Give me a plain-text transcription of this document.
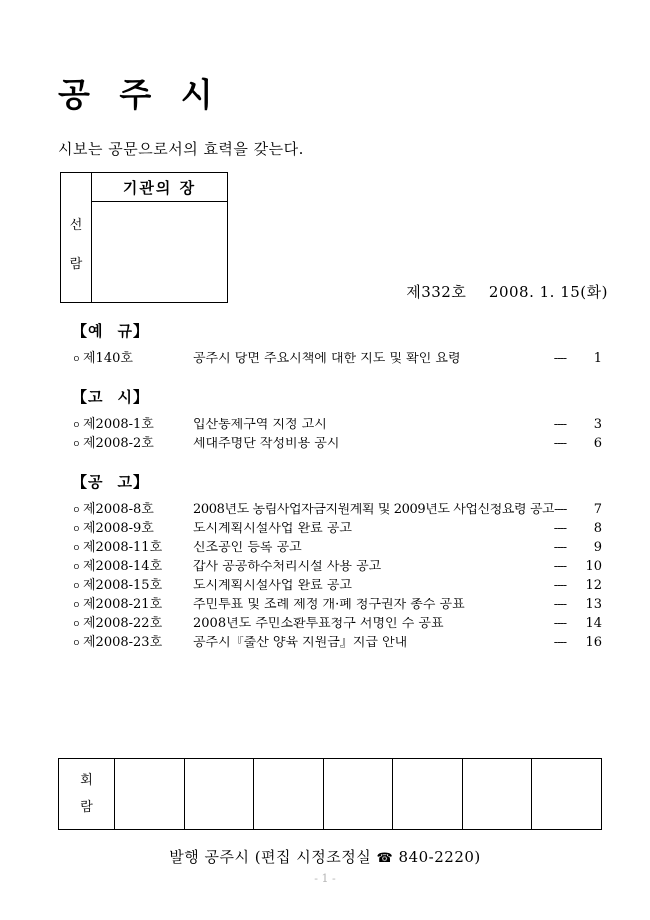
공 주 시
시보는 공문으로서의 효력을 갖는다.
선
람
기관의 장
제332호 2008. 1. 15(화)
【예 규】
ㅇ 제140호	공주시 당면 주요시책에 대한 지도 및 확인 요령	----	1
【고 시】
ㅇ 제2008-1호	입산통제구역 지정 고시	----	3
ㅇ 제2008-2호	세대주명단 작성비용 공시	----	6
【공 고】
ㅇ 제2008-8호	2008년도 농림사업자금지원계획 및 2009년도 사업신청요령 공고 ----	7
ㅇ 제2008-9호	도시계획시설사업 완료 공고	----	8
ㅇ 제2008-11호	신조공인 등록 공고	----	9
ㅇ 제2008-14호	갑사 공공하수처리시설 사용 공고	----	10
ㅇ 제2008-15호	도시계획시설사업 완료 공고	----	12
ㅇ 제2008-21호	주민투표 및 조례 제정 개·폐 청구권자 총수 공표	----	13
ㅇ 제2008-22호	2008년도 주민소환투표청구 서명인 수 공표	----	14
ㅇ 제2008-23호	공주시『출산 양육 지원금』지급 안내	----	16
회
람
발행 공주시 (편집 시정조정실 ☎ 840-2220)
- 1 -
